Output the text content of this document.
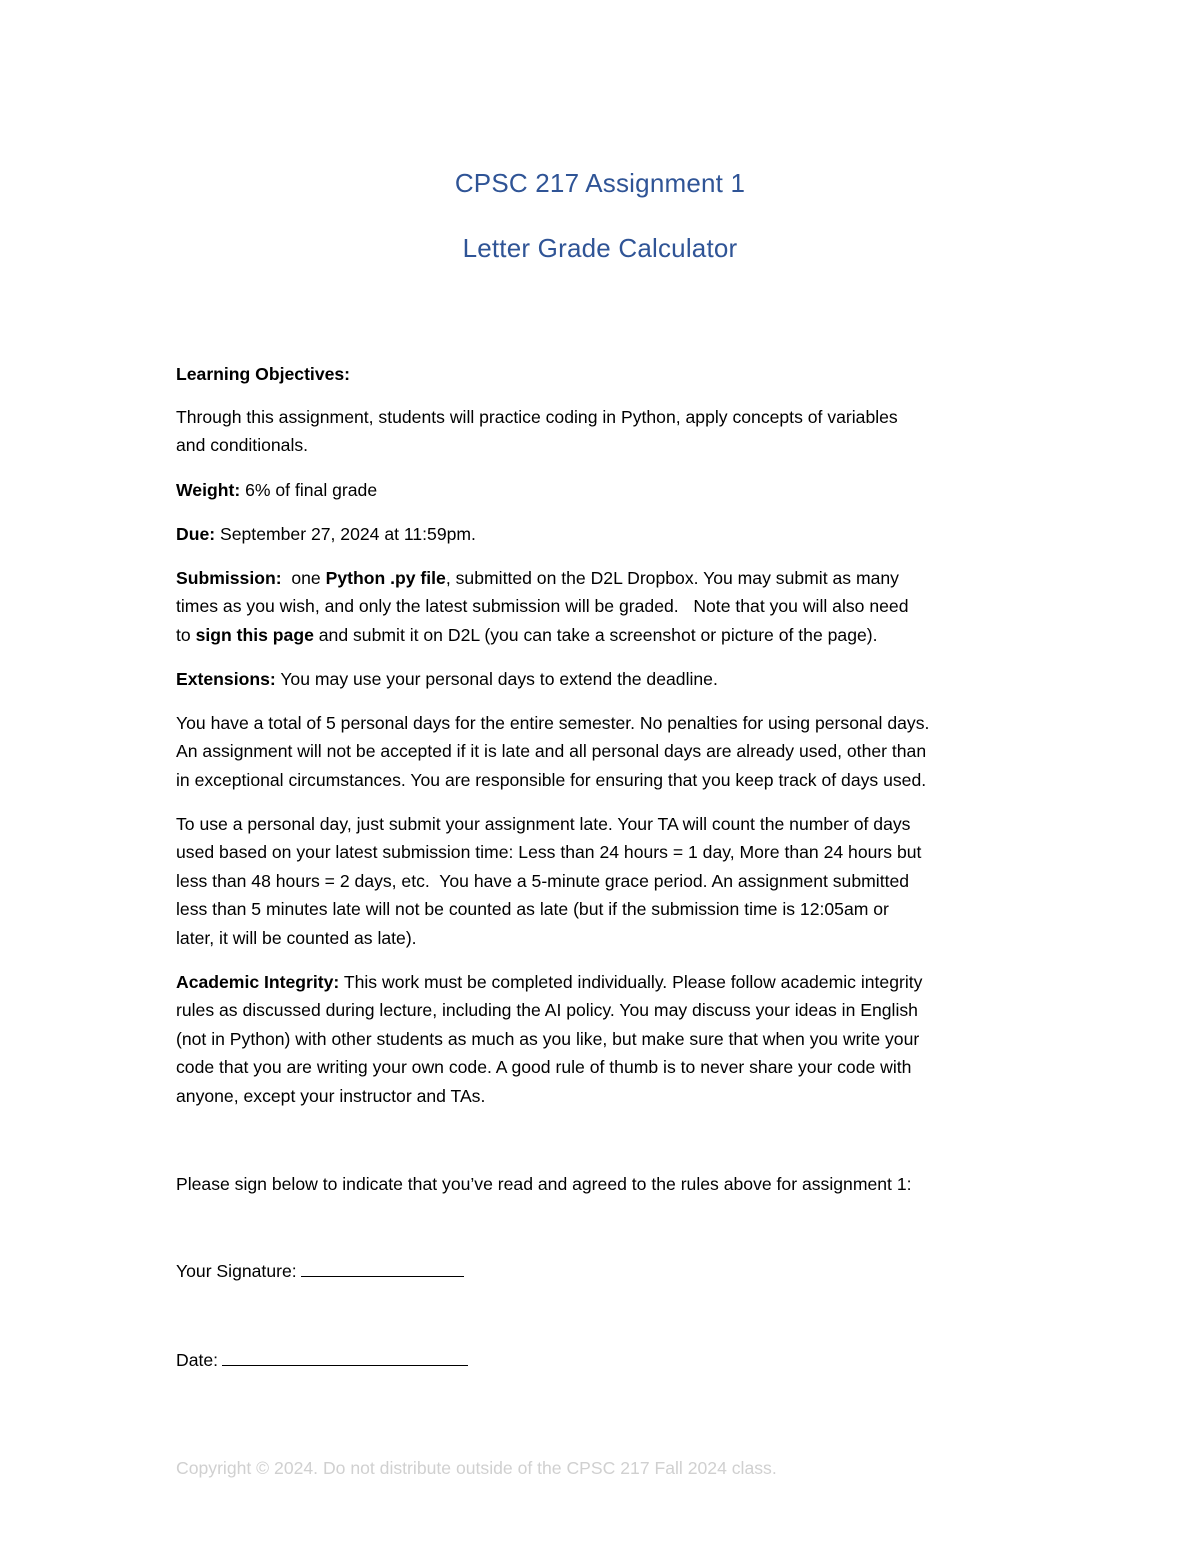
CPSC 217 Assignment 1
Letter Grade Calculator
Learning Objectives:
Through this assignment, students will practice coding in Python, apply concepts of variables
and conditionals.
Weight: 6% of final grade
Due: September 27, 2024 at 11:59pm.
Submission: one Python .py file, submitted on the D2L Dropbox. You may submit as many
times as you wish, and only the latest submission will be graded.   Note that you will also need
to sign this page and submit it on D2L (you can take a screenshot or picture of the page).
Extensions: You may use your personal days to extend the deadline.
You have a total of 5 personal days for the entire semester. No penalties for using personal days.
An assignment will not be accepted if it is late and all personal days are already used, other than
in exceptional circumstances. You are responsible for ensuring that you keep track of days used.
To use a personal day, just submit your assignment late. Your TA will count the number of days
used based on your latest submission time: Less than 24 hours = 1 day, More than 24 hours but
less than 48 hours = 2 days, etc.  You have a 5-minute grace period. An assignment submitted
less than 5 minutes late will not be counted as late (but if the submission time is 12:05am or
later, it will be counted as late).
Academic Integrity: This work must be completed individually. Please follow academic integrity
rules as discussed during lecture, including the AI policy. You may discuss your ideas in English
(not in Python) with other students as much as you like, but make sure that when you write your
code that you are writing your own code. A good rule of thumb is to never share your code with
anyone, except your instructor and TAs.
Please sign below to indicate that you’ve read and agreed to the rules above for assignment 1:
Your Signature:
Date:
Copyright © 2024. Do not distribute outside of the CPSC 217 Fall 2024 class.
